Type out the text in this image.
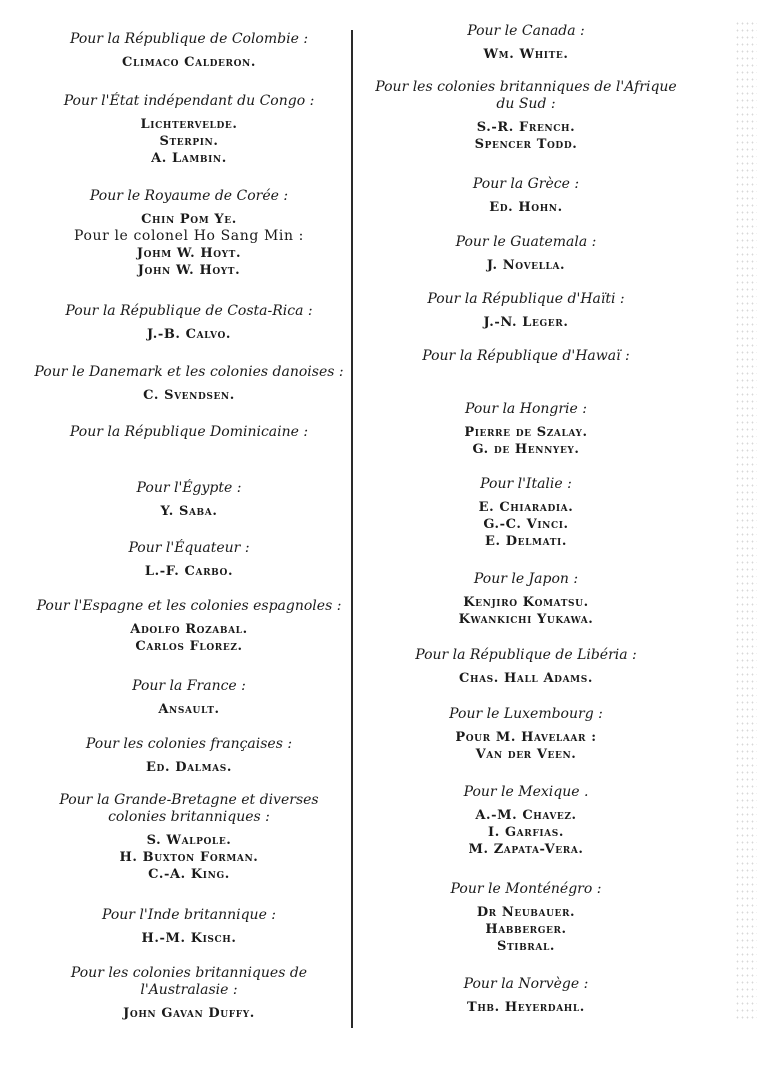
Pour la République de Colombie :

Climaco Calderon.

Pour l'État indépendant du Congo :

Lichtervelde.

Sterpin.

A. Lambin.

Pour le Royaume de Corée :

Chin Pom Ye.

Pour le colonel Ho Sang Min :

Johm W. Hoyt.

John W. Hoyt.

Pour la République de Costa-Rica :

J.-B. Calvo.

Pour le Danemark et les colonies danoises :

C. Svendsen.

Pour la République Dominicaine :

Pour l'Égypte :

Y. Saba.

Pour l'Équateur :

L.-F. Carbo.

Pour l'Espagne et les colonies espagnoles :

Adolfo Rozabal.

Carlos Florez.

Pour la France :

Ansault.

Pour les colonies françaises :

Ed. Dalmas.

Pour la Grande-Bretagne et diverses colonies britanniques :

S. Walpole.

H. Buxton Forman.

C.-A. King.

Pour l'Inde britannique :

H.-M. Kisch.

Pour les colonies britanniques de l'Australasie :

John Gavan Duffy.

Pour le Canada :

Wm. White.

Pour les colonies britanniques de l'Afrique du Sud :

S.-R. French.

Spencer Todd.

Pour la Grèce :

Ed. Hohn.

Pour le Guatemala :

J. Novella.

Pour la République d'Haïti :

J.-N. Leger.

Pour la République d'Hawaï :

Pour la Hongrie :

Pierre de Szalay.

G. de Hennyey.

Pour l'Italie :

E. Chiaradia.

G.-C. Vinci.

E. Delmati.

Pour le Japon :

Kenjiro Komatsu.

Kwankichi Yukawa.

Pour la République de Libéria :

Chas. Hall Adams.

Pour le Luxembourg :

Pour M. Havelaar :

Van der Veen.

Pour le Mexique .

A.-M. Chavez.

I. Garfias.

M. Zapata-Vera.

Pour le Monténégro :

Dr Neubauer.

Habberger.

Stibral.

Pour la Norvège :

Thb. Heyerdahl.
